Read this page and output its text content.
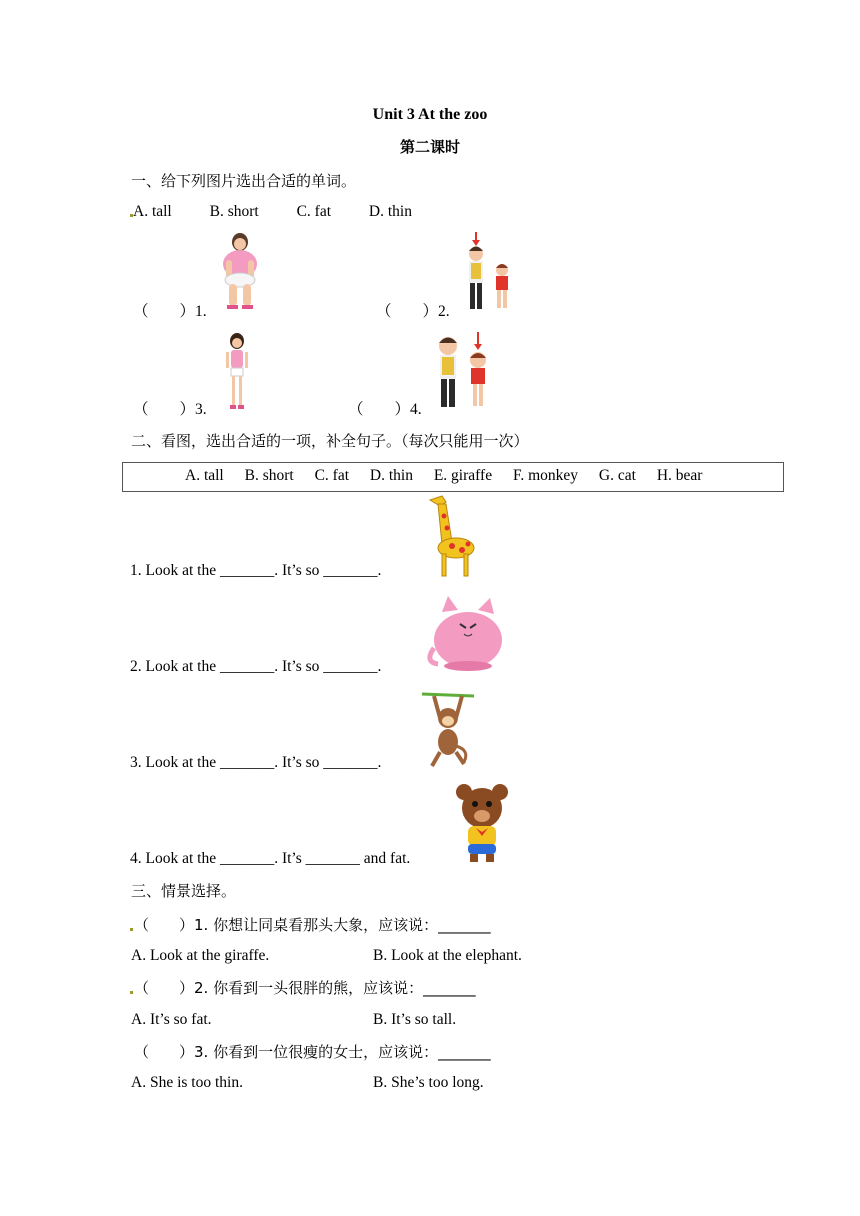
Unit 3 At the zoo
第二课时
一、给下列图片选出合适的单词。
A. tall B. short C. fat D. thin
（　　）1.	（　　）2.
（　　）3.	（　　）4.
二、看图，选出合适的一项，补全句子。（每次只能用一次）
A. tall B. short C. fat D. thin E. giraffe F. monkey G. cat H. bear
1. Look at the _______. It’s so _______.
2. Look at the _______. It’s so _______.
3. Look at the _______. It’s so _______.
4. Look at the _______. It’s _______ and fat.
三、情景选择。
（　　）1. 你想让同桌看那头大象，应该说：_______
A. Look at the giraffe.	B. Look at the elephant.
（　　）2. 你看到一头很胖的熊，应该说：_______
A. It’s so fat.	B. It’s so tall.
（　　）3. 你看到一位很瘦的女士，应该说：_______
A. She is too thin.	B. She’s too long.
